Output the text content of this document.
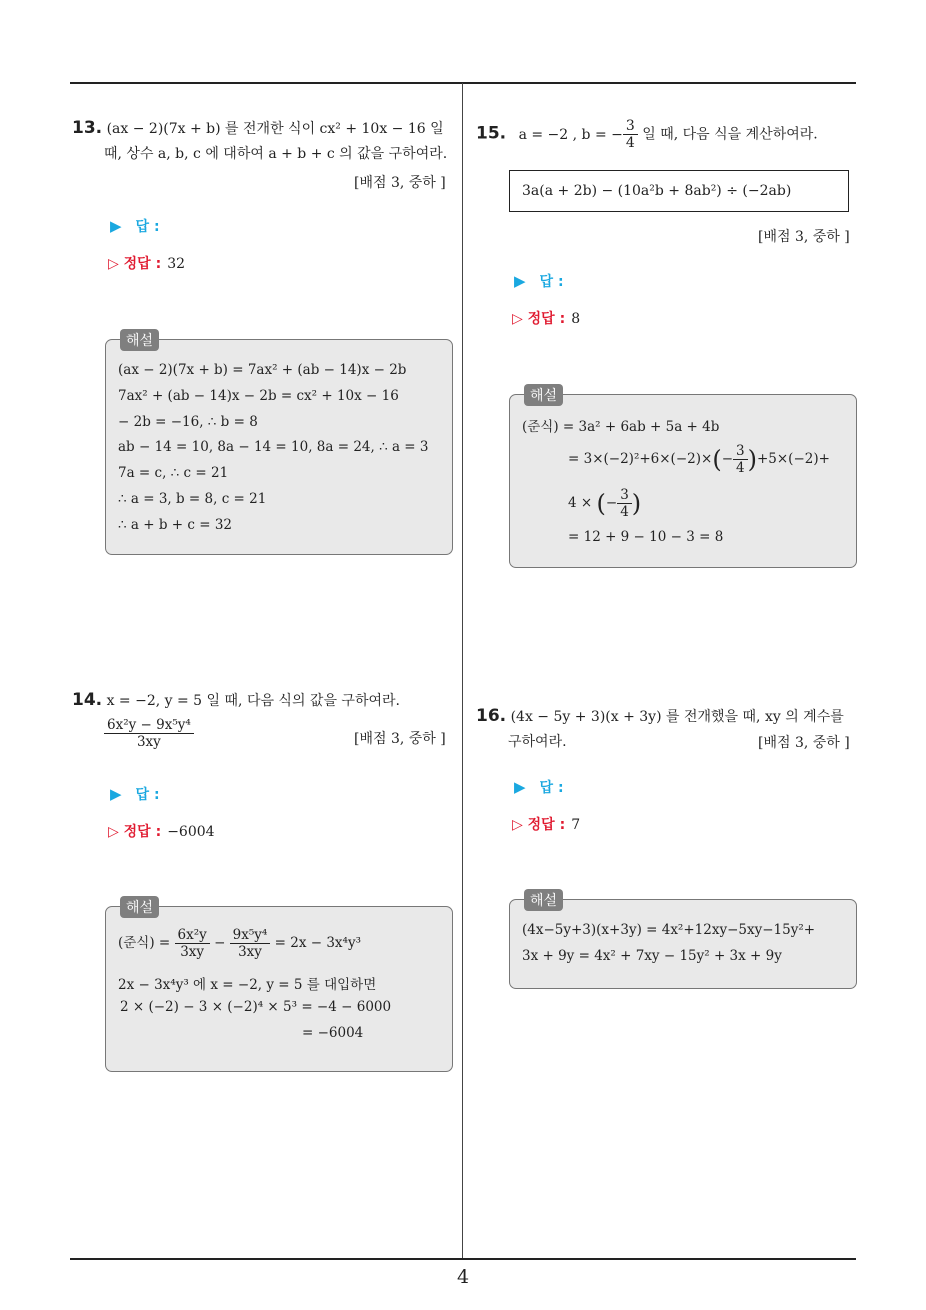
4
13. (ax − 2)(7x + b) 를 전개한 식이 cx² + 10x − 16 일
때, 상수 a, b, c 에 대하여 a + b + c 의 값을 구하여라.
[배점 3, 중하 ]
▶ 답 :
▷ 정답 : 32
해설
(ax − 2)(7x + b) = 7ax² + (ab − 14)x − 2b
7ax² + (ab − 14)x − 2b = cx² + 10x − 16
− 2b = −16, ∴ b = 8
ab − 14 = 10, 8a − 14 = 10, 8a = 24, ∴ a = 3
7a = c, ∴ c = 21
∴ a = 3, b = 8, c = 21
∴ a + b + c = 32
14. x = −2, y = 5 일 때, 다음 식의 값을 구하여라.
$\frac{\text{6x²y − 9x⁵y⁴}}{3xy}$	[배점 3, 중하 ]
▶ 답 :
▷ 정답 : −6004
해설
(준식) = $\frac{\text{6x²y}}{3xy} - \frac{\text{9x⁵y⁴}}{3xy} = 2x - 3x^4y^3$
2x − 3x⁴y³ 에 x = −2, y = 5 를 대입하면
2 × (−2) − 3 × (−2)⁴ × 5³ = −4 − 6000
= −6004
15. a = −2 , b = − $\frac{3}{4}$ 일 때, 다음 식을 계산하여라.
3a(a + 2b) − (10a²b + 8ab²) ÷ (−2ab)
[배점 3, 중하 ]
▶ 답 :
▷ 정답 : 8
해설
(준식) = 3a² + 6ab + 5a + 4b
= $3\times(-2)^2+6\times(-2)\times(- \frac{3}{4} )+5\times(-2)+$
4 × (− $\frac{3}{4}$ )
= 12 + 9 − 10 − 3 = 8
16. (4x − 5y + 3)(x + 3y) 를 전개했을 때, xy 의 계수를
구하여라.	[배점 3, 중하 ]
▶ 답 :
▷ 정답 : 7
해설
(4x−5y+3)(x+3y) = 4x²+12xy−5xy−15y²+
3x + 9y = 4x² + 7xy − 15y² + 3x + 9y
